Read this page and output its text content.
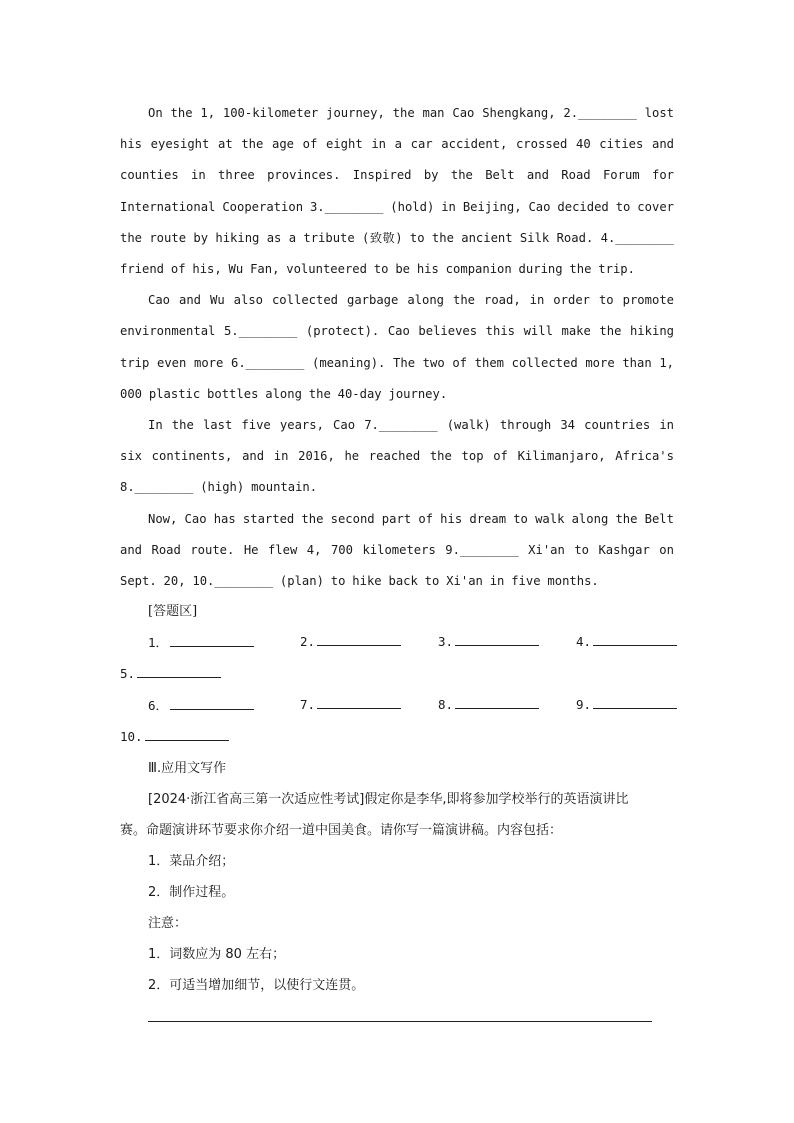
On the 1, 100-kilometer journey, the man Cao Shengkang, 2.________ lost his eyesight at the age of eight in a car accident, crossed 40 cities and counties in three provinces. Inspired by the Belt and Road Forum for International Cooperation 3.________ (hold) in Beijing, Cao decided to cover the route by hiking as a tribute (致敬) to the ancient Silk Road. 4.________ friend of his, Wu Fan, volunteered to be his companion during the trip.

Cao and Wu also collected garbage along the road, in order to promote environmental 5.________ (protect). Cao believes this will make the hiking trip even more 6.________ (meaning). The two of them collected more than 1, 000 plastic bottles along the 40-day journey.

In the last five years, Cao 7.________ (walk) through 34 countries in six continents, and in 2016, he reached the top of Kilimanjaro, Africa's 8.________ (high) mountain.

Now, Cao has started the second part of his dream to walk along the Belt and Road route. He flew 4, 700 kilometers 9.________ Xi'an to Kashgar on Sept. 20, 10.________ (plan) to hike back to Xi'an in five months.

[答题区]
1．	2.	3.	4.
5.
6．	7.	8.	9.
10.

Ⅲ.应用文写作

[2024·浙江省高三第一次适应性考试]假定你是李华,即将参加学校举行的英语演讲比

赛。命题演讲环节要求你介绍一道中国美食。请你写一篇演讲稿。内容包括：

1．菜品介绍；

2．制作过程。

注意：

1．词数应为 80 左右；

2．可适当增加细节，以使行文连贯。
